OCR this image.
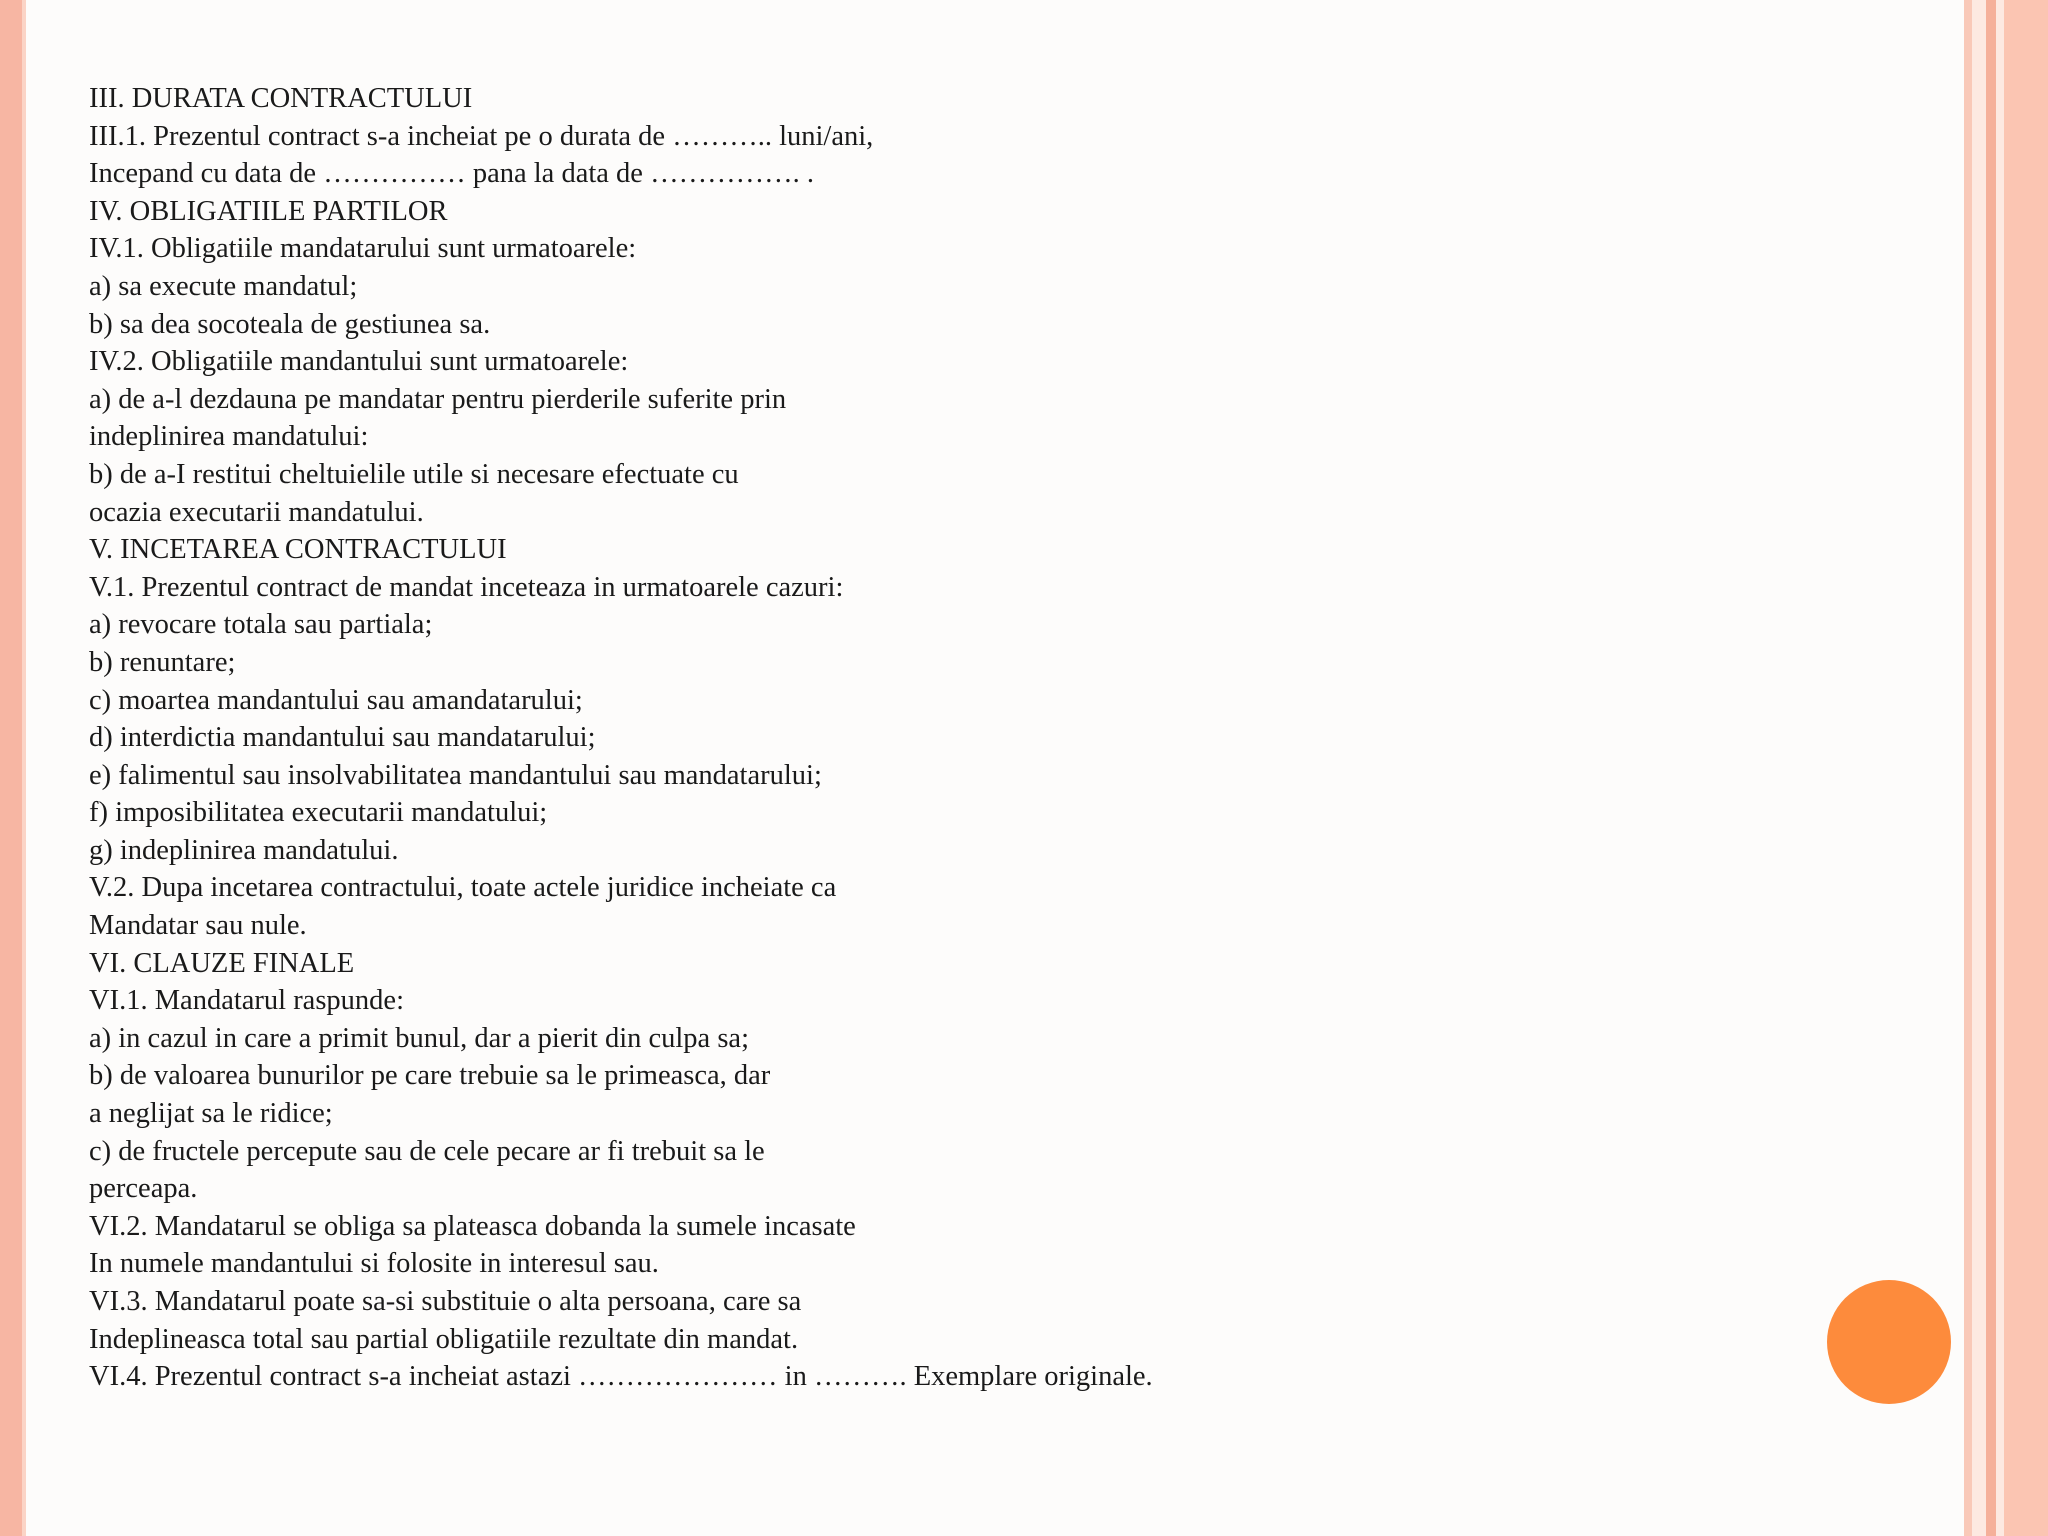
III. DURATA CONTRACTULUI
III.1. Prezentul contract s-a incheiat pe o durata de ……….. luni/ani,
Incepand cu data de …………… pana la data de ……………. .
IV. OBLIGATIILE PARTILOR
IV.1. Obligatiile mandatarului sunt urmatoarele:
a) sa execute mandatul;
b) sa dea socoteala de gestiunea sa.
IV.2. Obligatiile mandantului sunt urmatoarele:
a) de a-l dezdauna pe mandatar pentru pierderile suferite prin
indeplinirea mandatului:
b) de a-I restitui cheltuielile utile si necesare efectuate cu
ocazia executarii mandatului.
V. INCETAREA CONTRACTULUI
V.1. Prezentul contract de mandat inceteaza in urmatoarele cazuri:
a) revocare totala sau partiala;
b) renuntare;
c) moartea mandantului sau amandatarului;
d) interdictia mandantului sau mandatarului;
e) falimentul sau insolvabilitatea mandantului sau mandatarului;
f) imposibilitatea executarii mandatului;
g) indeplinirea mandatului.
V.2. Dupa incetarea contractului, toate actele juridice incheiate ca
Mandatar sau nule.
VI. CLAUZE FINALE
VI.1. Mandatarul raspunde:
a) in cazul in care a primit bunul, dar a pierit din culpa sa;
b) de valoarea bunurilor pe care trebuie sa le primeasca, dar
a neglijat sa le ridice;
c) de fructele percepute sau de cele pecare ar fi trebuit sa le
perceapa.
VI.2. Mandatarul se obliga sa plateasca dobanda la sumele incasate
In numele mandantului si folosite in interesul sau.
VI.3. Mandatarul poate sa-si substituie o alta persoana, care sa
Indeplineasca total sau partial obligatiile rezultate din mandat.
VI.4. Prezentul contract s-a incheiat astazi ………………… in ………. Exemplare originale.
